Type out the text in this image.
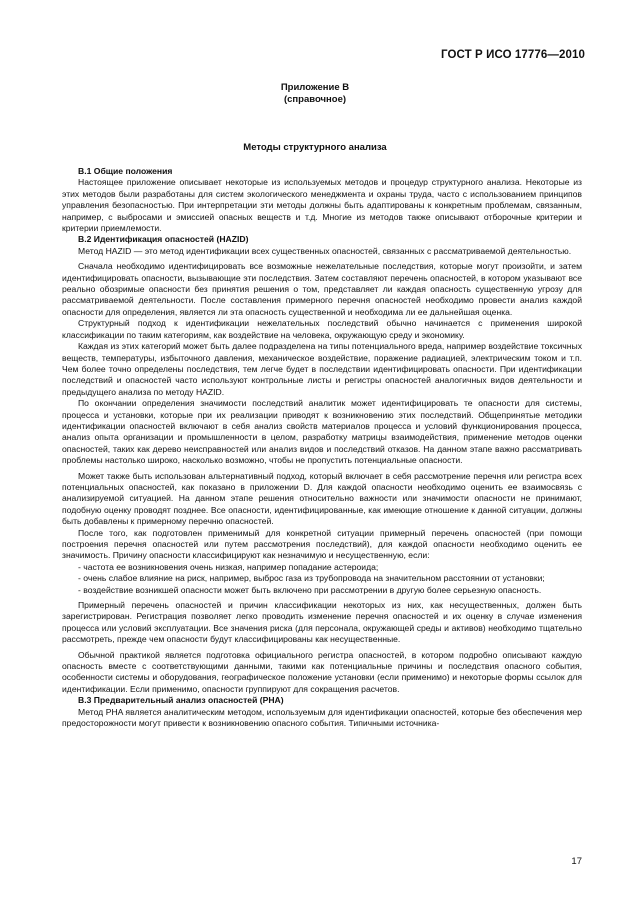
ГОСТ Р ИСО 17776—2010
Приложение В
(справочное)
Методы структурного анализа
В.1 Общие положения

Настоящее приложение описывает некоторые из используемых методов и процедур структурного анализа. Некоторые из этих методов были разработаны для систем экологического менеджмента и охраны труда, часто с использованием принципов управления безопасностью. При интерпретации эти методы должны быть адаптированы к конкретным проблемам, связанным, например, с выбросами и эмиссией опасных веществ и т.д. Многие из методов также описывают отборочные критерии и критерии приемлемости.

В.2 Идентификация опасностей (HAZID)

Метод HAZID — это метод идентификации всех существенных опасностей, связанных с рассматриваемой деятельностью.

Сначала необходимо идентифицировать все возможные нежелательные последствия, которые могут произойти, и затем идентифицировать опасности, вызывающие эти последствия. Затем составляют перечень опасностей, в котором указывают все реально обозримые опасности без принятия решения о том, представляет ли каждая опасность существенную угрозу для рассматриваемой деятельности. После составления примерного перечня опасностей необходимо провести анализ каждой опасности для определения, является ли эта опасность существенной и необходима ли ее дальнейшая оценка.

Структурный подход к идентификации нежелательных последствий обычно начинается с применения широкой классификации по таким категориям, как воздействие на человека, окружающую среду и экономику.

Каждая из этих категорий может быть далее подразделена на типы потенциального вреда, например воздействие токсичных веществ, температуры, избыточного давления, механическое воздействие, поражение радиацией, электрическим током и т.п. Чем более точно определены последствия, тем легче будет в последствии идентифицировать опасности. При идентификации последствий и опасностей часто используют контрольные листы и регистры опасностей аналогичных видов деятельности и предыдущего анализа по методу HAZID.

По окончании определения значимости последствий аналитик может идентифицировать те опасности для системы, процесса и установки, которые при их реализации приводят к возникновению этих последствий. Общепринятые методики идентификации опасностей включают в себя анализ свойств материалов процесса и условий функционирования процесса, анализ опыта организации и промышленности в целом, разработку матрицы взаимодействия, применение методов оценки опасностей, таких как дерево неисправностей или анализ видов и последствий отказов. На данном этапе важно рассматривать проблемы настолько широко, насколько возможно, чтобы не пропустить потенциальные опасности.

Может также быть использован альтернативный подход, который включает в себя рассмотрение перечня или регистра всех потенциальных опасностей, как показано в приложении D. Для каждой опасности необходимо оценить ее взаимосвязь с анализируемой ситуацией. На данном этапе решения относительно важности или значимости опасности не принимают, подобную оценку проводят позднее. Все опасности, идентифицированные, как имеющие отношение к данной ситуации, должны быть добавлены к примерному перечню опасностей.

После того, как подготовлен применимый для конкретной ситуации примерный перечень опасностей (при помощи построения перечня опасностей или путем рассмотрения последствий), для каждой опасности необходимо оценить ее значимость. Причину опасности классифицируют как незначимую и несущественную, если:

- частота ее возникновения очень низкая, например попадание астероида;

- очень слабое влияние на риск, например, выброс газа из трубопровода на значительном расстоянии от установки;

- воздействие возникшей опасности может быть включено при рассмотрении в другую более серьезную опасность.

Примерный перечень опасностей и причин классификации некоторых из них, как несущественных, должен быть зарегистрирован. Регистрация позволяет легко проводить изменение перечня опасностей и их оценку в случае изменения процесса или условий эксплуатации. Все значения риска (для персонала, окружающей среды и активов) необходимо тщательно рассмотреть, прежде чем опасности будут классифицированы как несущественные.

Обычной практикой является подготовка официального регистра опасностей, в котором подробно описывают каждую опасность вместе с соответствующими данными, такими как потенциальные причины и последствия опасного события, особенности системы и оборудования, географическое положение установки (если применимо) и некоторые формы ссылок для идентификации. Если применимо, опасности группируют для сокращения расчетов.

В.3 Предварительный анализ опасностей (PHA)

Метод PHA является аналитическим методом, используемым для идентификации опасностей, которые без обеспечения мер предосторожности могут привести к возникновению опасного события. Типичными источника-

17
